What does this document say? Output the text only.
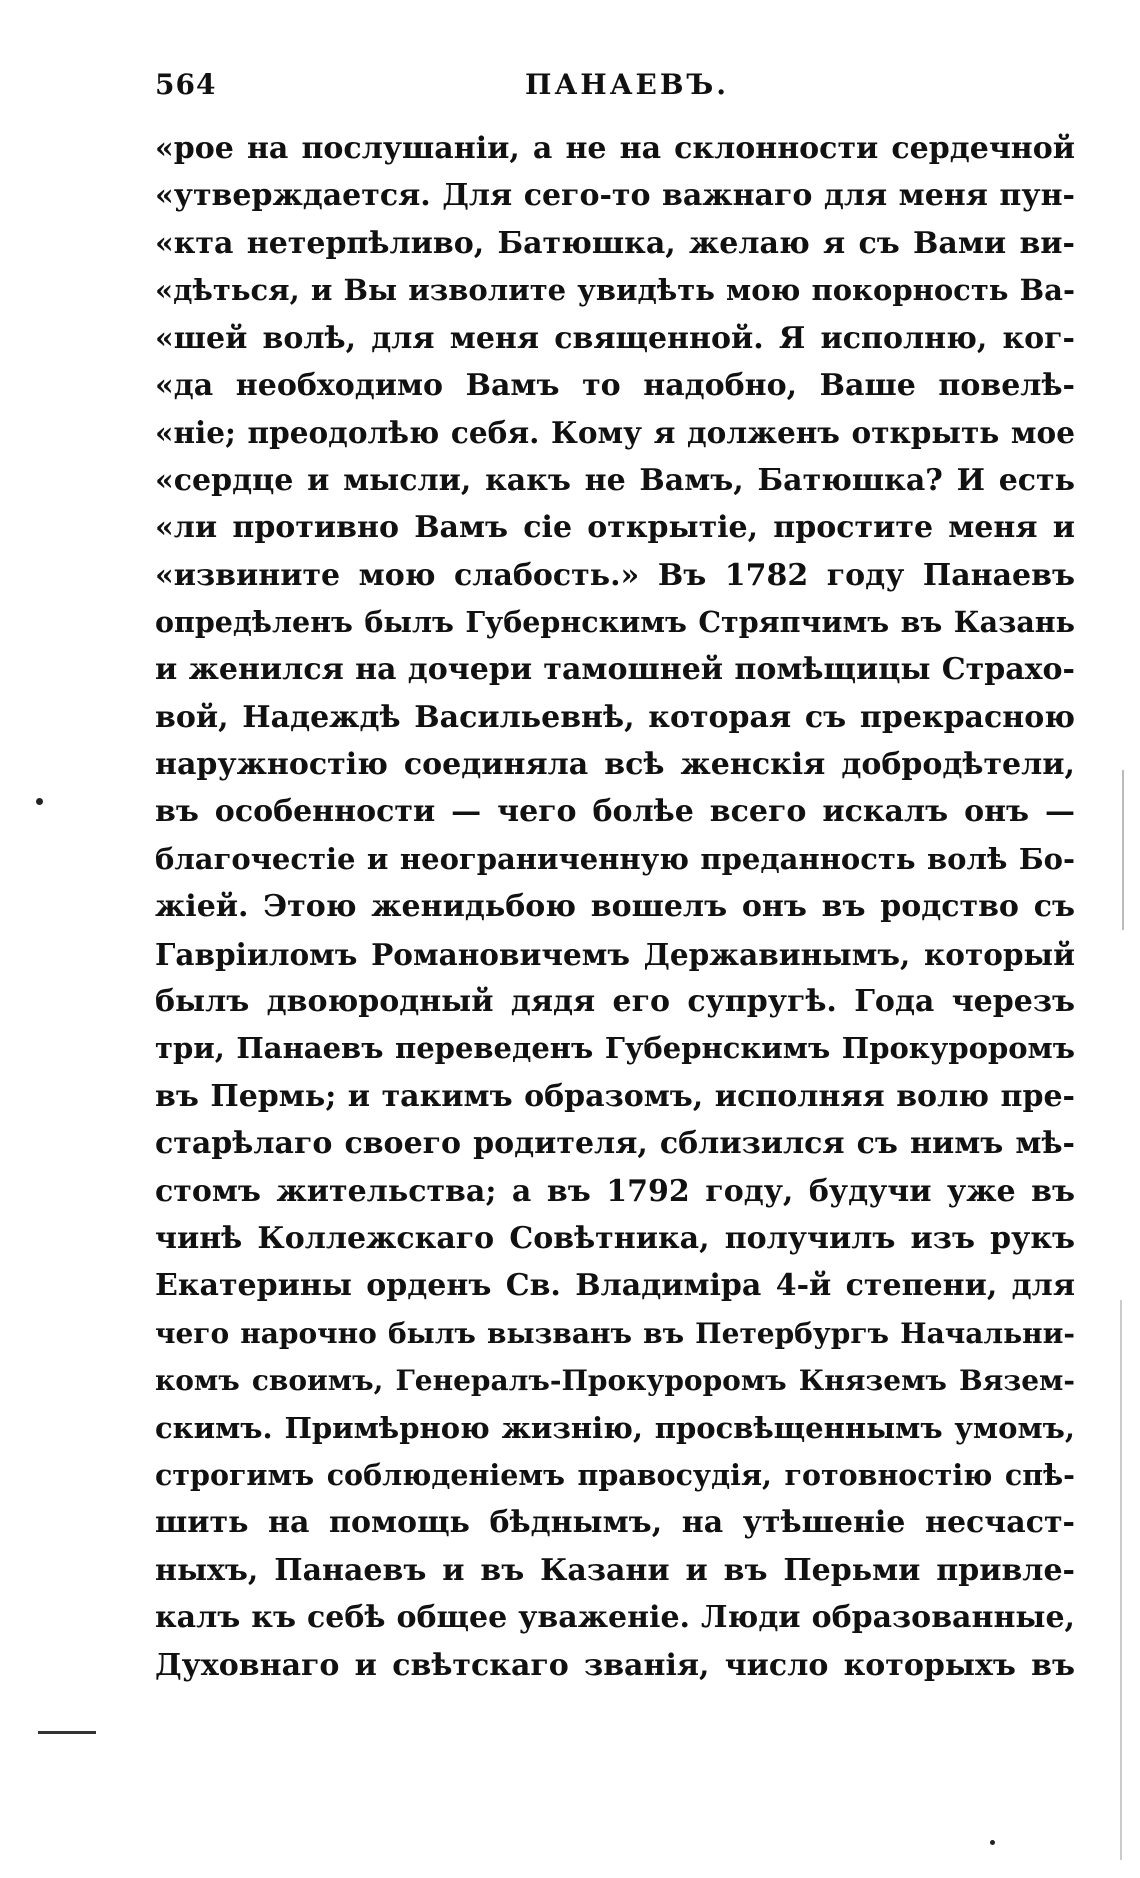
564	ПАНАЕВЪ.
«рое на послушаніи, а не на склонности сердечной
«утверждается. Для сего-то важнаго для меня пун-
«кта нетерпѣливо, Батюшка, желаю я съ Вами ви-
«дѣться, и Вы изволите увидѣть мою покорность Ва-
«шей волѣ, для меня священной. Я исполню, ког-
«да необходимо Вамъ то надобно, Ваше повелѣ-
«ніе; преодолѣю себя. Кому я долженъ открыть мое
«сердце и мысли, какъ не Вамъ, Батюшка? И есть
«ли противно Вамъ сіе открытіе, простите меня и
«извините мою слабость.» Въ 1782 году Панаевъ
опредѣленъ былъ Губернскимъ Стряпчимъ въ Казань
и женился на дочери тамошней помѣщицы Страхо-
вой, Надеждѣ Васильевнѣ, которая съ прекрасною
наружностію соединяла всѣ женскія добродѣтели,
въ особенности — чего болѣе всего искалъ онъ —
благочестіе и неограниченную преданность волѣ Бо-
жіей. Этою женидьбою вошелъ онъ въ родство съ
Гавріиломъ Романовичемъ Державинымъ, который
былъ двоюродный дядя его супругѣ. Года черезъ
три, Панаевъ переведенъ Губернскимъ Прокуроромъ
въ Пермь; и такимъ образомъ, исполняя волю пре-
старѣлаго своего родителя, сблизился съ нимъ мѣ-
стомъ жительства; а въ 1792 году, будучи уже въ
чинѣ Коллежскаго Совѣтника, получилъ изъ рукъ
Екатерины орденъ Св. Владиміра 4-й степени, для
чего нарочно былъ вызванъ въ Петербургъ Начальни-
комъ своимъ, Генералъ-Прокуроромъ Княземъ Вязем-
скимъ. Примѣрною жизнію, просвѣщеннымъ умомъ,
строгимъ соблюденіемъ правосудія, готовностію спѣ-
шить на помощь бѣднымъ, на утѣшеніе несчаст-
ныхъ, Панаевъ и въ Казани и въ Перьми привле-
калъ къ себѣ общее уваженіе. Люди образованные,
Духовнаго и свѣтскаго званія, число которыхъ въ
